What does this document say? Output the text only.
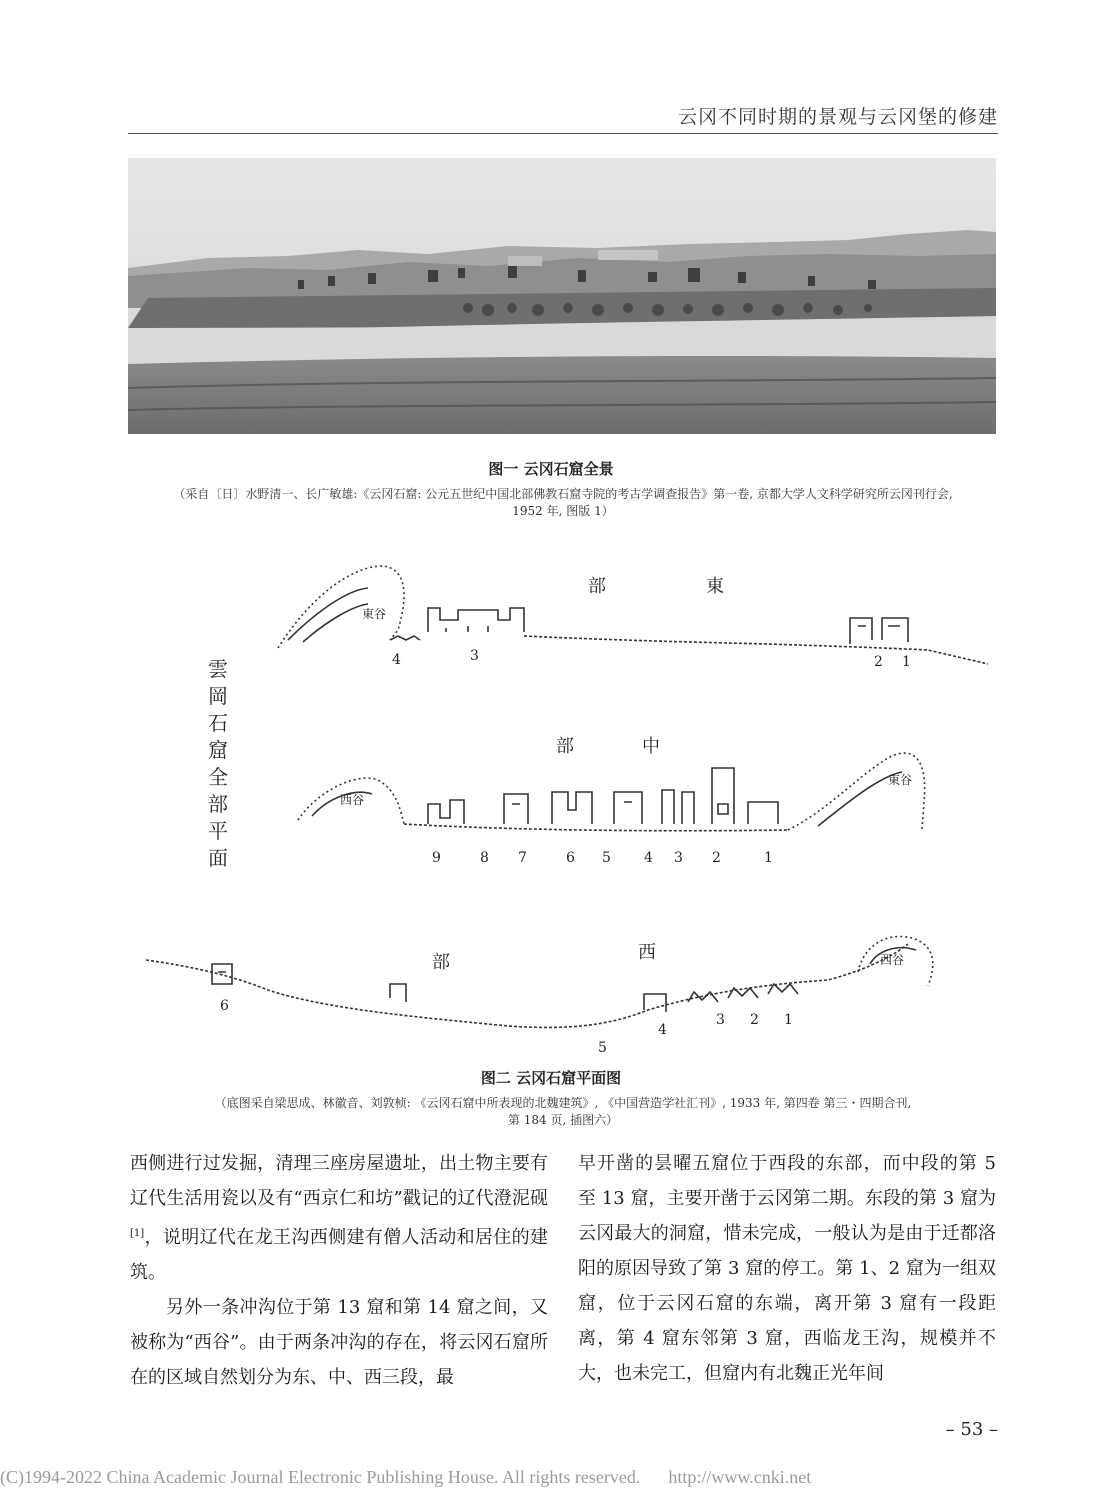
云冈不同时期的景观与云冈堡的修建
图一 云冈石窟全景
（采自〔日〕水野清一、长广敏雄:《云冈石窟: 公元五世纪中国北部佛教石窟寺院的考古学调查报告》第一卷, 京都大学人文科学研究所云冈刊行会,
1952 年, 图版 1）
雲岡石窟全部平面
部	東
東谷
4	3	2 1
部	中
西谷
東谷
9	8 7	6 5 4 3 2	1
部	西	西谷
6
5
4
3 2 1
图二 云冈石窟平面图
（底图采自梁思成、林徽音、刘敦桢: 《云冈石窟中所表现的北魏建筑》, 《中国营造学社汇刊》, 1933 年, 第四卷 第三・四期合刊,
第 184 页, 插图六）

西侧进行过发掘，清理三座房屋遗址，出土物主要有辽代生活用瓷以及有“西京仁和坊”戳记的辽代澄泥砚[1]，说明辽代在龙王沟西侧建有僧人活动和居住的建筑。

另外一条冲沟位于第 13 窟和第 14 窟之间，又被称为“西谷”。由于两条冲沟的存在，将云冈石窟所在的区域自然划分为东、中、西三段，最

早开凿的昙曜五窟位于西段的东部，而中段的第 5 至 13 窟，主要开凿于云冈第二期。东段的第 3 窟为云冈最大的洞窟，惜未完成，一般认为是由于迁都洛阳的原因导致了第 3 窟的停工。第 1、2 窟为一组双窟，位于云冈石窟的东端，离开第 3 窟有一段距离，第 4 窟东邻第 3 窟，西临龙王沟，规模并不大，也未完工，但窟内有北魏正光年间

– 53 –
(C)1994-2022 China Academic Journal Electronic Publishing House. All rights reserved. http://www.cnki.net
